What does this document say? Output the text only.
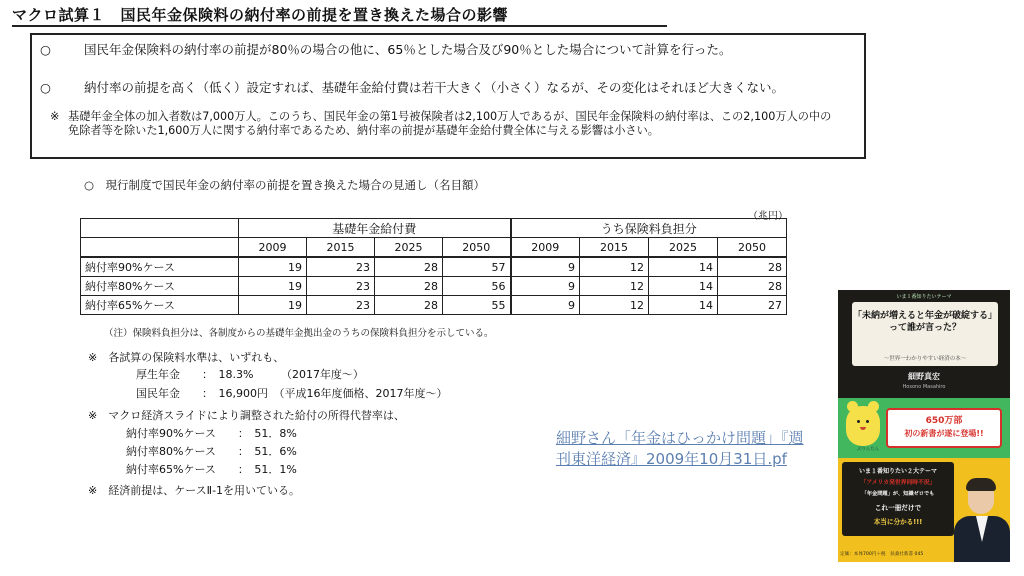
マクロ試算１　国民年金保険料の納付率の前提を置き換えた場合の影響
○	国民年金保険料の納付率の前提が80％の場合の他に、65％とした場合及び90％とした場合について計算を行った。
○	納付率の前提を高く（低く）設定すれば、基礎年金給付費は若干大きく（小さく）なるが、その変化はそれほど大きくない。
※ 基礎年金全体の加入者数は7,000万人。このうち、国民年金の第1号被保険者は2,100万人であるが、国民年金保険料の納付率は、この2,100万人の中の免除者等を除いた1,600万人に関する納付率であるため、納付率の前提が基礎年金給付費全体に与える影響は小さい。
○　現行制度で国民年金の納付率の前提を置き換えた場合の見通し（名目額）
（兆円）
	基礎年金給付費				うち保険料負担分			
	2009	2015	2025	2050	2009	2015	2025	2050
納付率90%ケース	19	23	28	57	9	12	14	28
納付率80%ケース	19	23	28	56	9	12	14	28
納付率65%ケース	19	23	28	55	9	12	14	27
（注）保険料負担分は、各制度からの基礎年金拠出金のうちの保険料負担分を示している。
※　各試算の保険料水準は、いずれも、
厚生年金　　：　18.3%　　　（2017年度～）
国民年金　　：　16,900円　（平成16年度価格、2017年度～）
※　マクロ経済スライドにより調整された給付の所得代替率は、
納付率90%ケース　　：　51．8%
納付率80%ケース　　：　51．6%
納付率65%ケース　　：　51．1%
※　経済前提は、ケースⅡ-1を用いている。
細野さん「年金はひっかけ問題」『週刊東洋経済』2009年10月31日.pf
いま１番知りたいテーマ
「未納が増えると年金が破綻する」って誰が言った？
～世界一わかりやすい経済の本～
細野真宏
Hosono Masahiro
ぶりんたん
650万部
初の新書が遂に登場!!
いま１番知りたい２大テーマ
「アメリカ発世界同時不況」
「年金問題」が、知識ゼロでも
これ一冊だけで
本当に分かる!!!
定価：本体700円＋税　扶桑社新書 045
